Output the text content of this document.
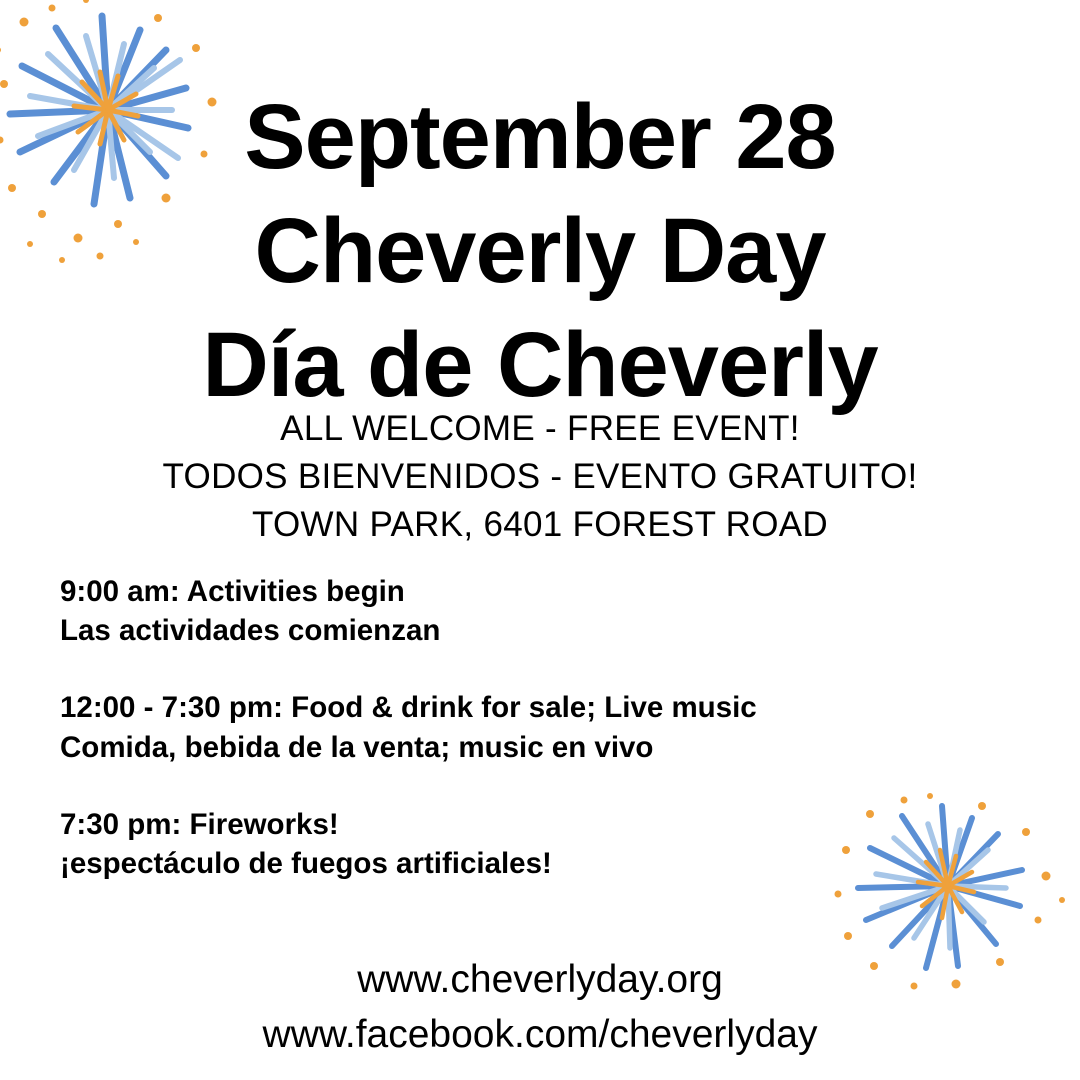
September 28
Cheverly Day
Día de Cheverly
ALL WELCOME - FREE EVENT!
TODOS BIENVENIDOS - EVENTO GRATUITO!
TOWN PARK, 6401 FOREST ROAD
9:00 am: Activities begin
Las actividades comienzan
12:00 - 7:30 pm: Food & drink for sale; Live music
Comida, bebida de la venta; music en vivo
7:30 pm: Fireworks!
¡espectáculo de fuegos artificiales!
www.cheverlyday.org
www.facebook.com/cheverlyday
